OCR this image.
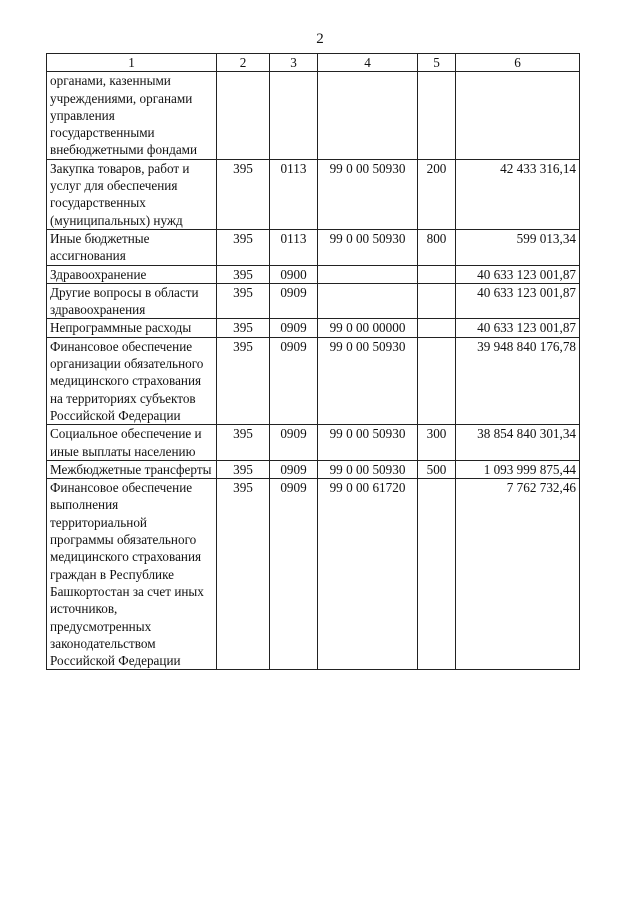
2
1	2	3	4	5	6
органами, казенными учреждениями, органами управления государственными внебюджетными фондами					
Закупка товаров, работ и услуг для обеспечения государственных (муниципальных) нужд	395	0113	99 0 00 50930	200	42 433 316,14
Иные бюджетные ассигнования	395	0113	99 0 00 50930	800	599 013,34
Здравоохранение	395	0900			40 633 123 001,87
Другие вопросы в области здравоохранения	395	0909			40 633 123 001,87
Непрограммные расходы	395	0909	99 0 00 00000		40 633 123 001,87
Финансовое обеспечение организации обязательного медицинского страхования на территориях субъектов Российской Федерации	395	0909	99 0 00 50930		39 948 840 176,78
Социальное обеспечение и иные выплаты населению	395	0909	99 0 00 50930	300	38 854 840 301,34
Межбюджетные трансферты	395	0909	99 0 00 50930	500	1 093 999 875,44
Финансовое обеспечение выполнения территориальной программы обязательного медицинского страхования граждан в Республике Башкортостан за счет иных источников, предусмотренных законодательством Российской Федерации	395	0909	99 0 00 61720		7 762 732,46
